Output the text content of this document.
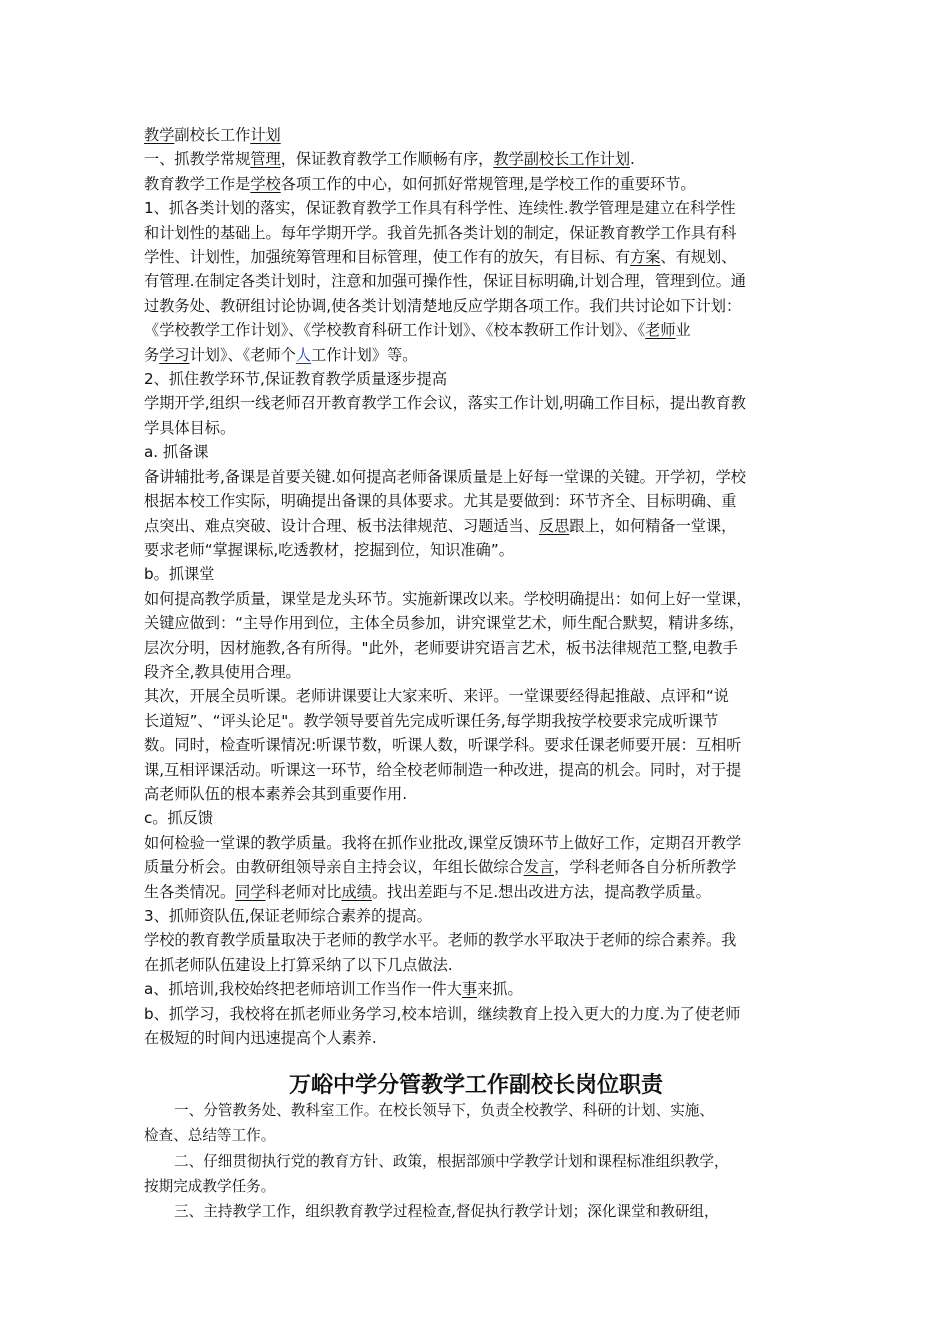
教学副校长工作计划
一、抓教学常规管理，保证教育教学工作顺畅有序，教学副校长工作计划.
教育教学工作是学校各项工作的中心，如何抓好常规管理,是学校工作的重要环节。
1、抓各类计划的落实，保证教育教学工作具有科学性、连续性.教学管理是建立在科学性
和计划性的基础上。每年学期开学。我首先抓各类计划的制定，保证教育教学工作具有科
学性、计划性，加强统筹管理和目标管理，使工作有的放矢，有目标、有方案、有规划、
有管理.在制定各类计划时，注意和加强可操作性，保证目标明确,计划合理，管理到位。通
过教务处、教研组讨论协调,使各类计划清楚地反应学期各项工作。我们共讨论如下计划：
《学校教学工作计划》、《学校教育科研工作计划》、《校本教研工作计划》、《老师业
务学习计划》、《老师个人工作计划》等。
2、抓住教学环节,保证教育教学质量逐步提高
学期开学,组织一线老师召开教育教学工作会议，落实工作计划,明确工作目标，提出教育教
学具体目标。
a. 抓备课
备讲辅批考,备课是首要关键.如何提高老师备课质量是上好每一堂课的关键。开学初，学校
根据本校工作实际，明确提出备课的具体要求。尤其是要做到：环节齐全、目标明确、重
点突出、难点突破、设计合理、板书法律规范、习题适当、反思跟上，如何精备一堂课，
要求老师“掌握课标,吃透教材，挖掘到位，知识准确”。
b。抓课堂
如何提高教学质量，课堂是龙头环节。实施新课改以来。学校明确提出：如何上好一堂课，
关键应做到：“主导作用到位，主体全员参加，讲究课堂艺术，师生配合默契，精讲多练，
层次分明，因材施教,各有所得。"此外，老师要讲究语言艺术，板书法律规范工整,电教手
段齐全,教具使用合理。
其次，开展全员听课。老师讲课要让大家来听、来评。一堂课要经得起推敲、点评和“说
长道短”、“评头论足"。教学领导要首先完成听课任务,每学期我按学校要求完成听课节
数。同时，检查听课情况:听课节数，听课人数，听课学科。要求任课老师要开展：互相听
课,互相评课活动。听课这一环节，给全校老师制造一种改进，提高的机会。同时，对于提
高老师队伍的根本素养会其到重要作用.
c。抓反馈
如何检验一堂课的教学质量。我将在抓作业批改,课堂反馈环节上做好工作，定期召开教学
质量分析会。由教研组领导亲自主持会议，年组长做综合发言，学科老师各自分析所教学
生各类情况。同学科老师对比成绩。找出差距与不足.想出改进方法，提高教学质量。
3、抓师资队伍,保证老师综合素养的提高。
学校的教育教学质量取决于老师的教学水平。老师的教学水平取决于老师的综合素养。我
在抓老师队伍建设上打算采纳了以下几点做法.
a、抓培训,我校始终把老师培训工作当作一件大事来抓。
b、抓学习，我校将在抓老师业务学习,校本培训，继续教育上投入更大的力度.为了使老师
在极短的时间内迅速提高个人素养.
万峪中学分管教学工作副校长岗位职责
一、分管教务处、教科室工作。在校长领导下，负责全校教学、科研的计划、实施、
检查、总结等工作。
二、仔细贯彻执行党的教育方针、政策，根据部颁中学教学计划和课程标准组织教学，
按期完成教学任务。
三、主持教学工作，组织教育教学过程检查,督促执行教学计划；深化课堂和教研组，
